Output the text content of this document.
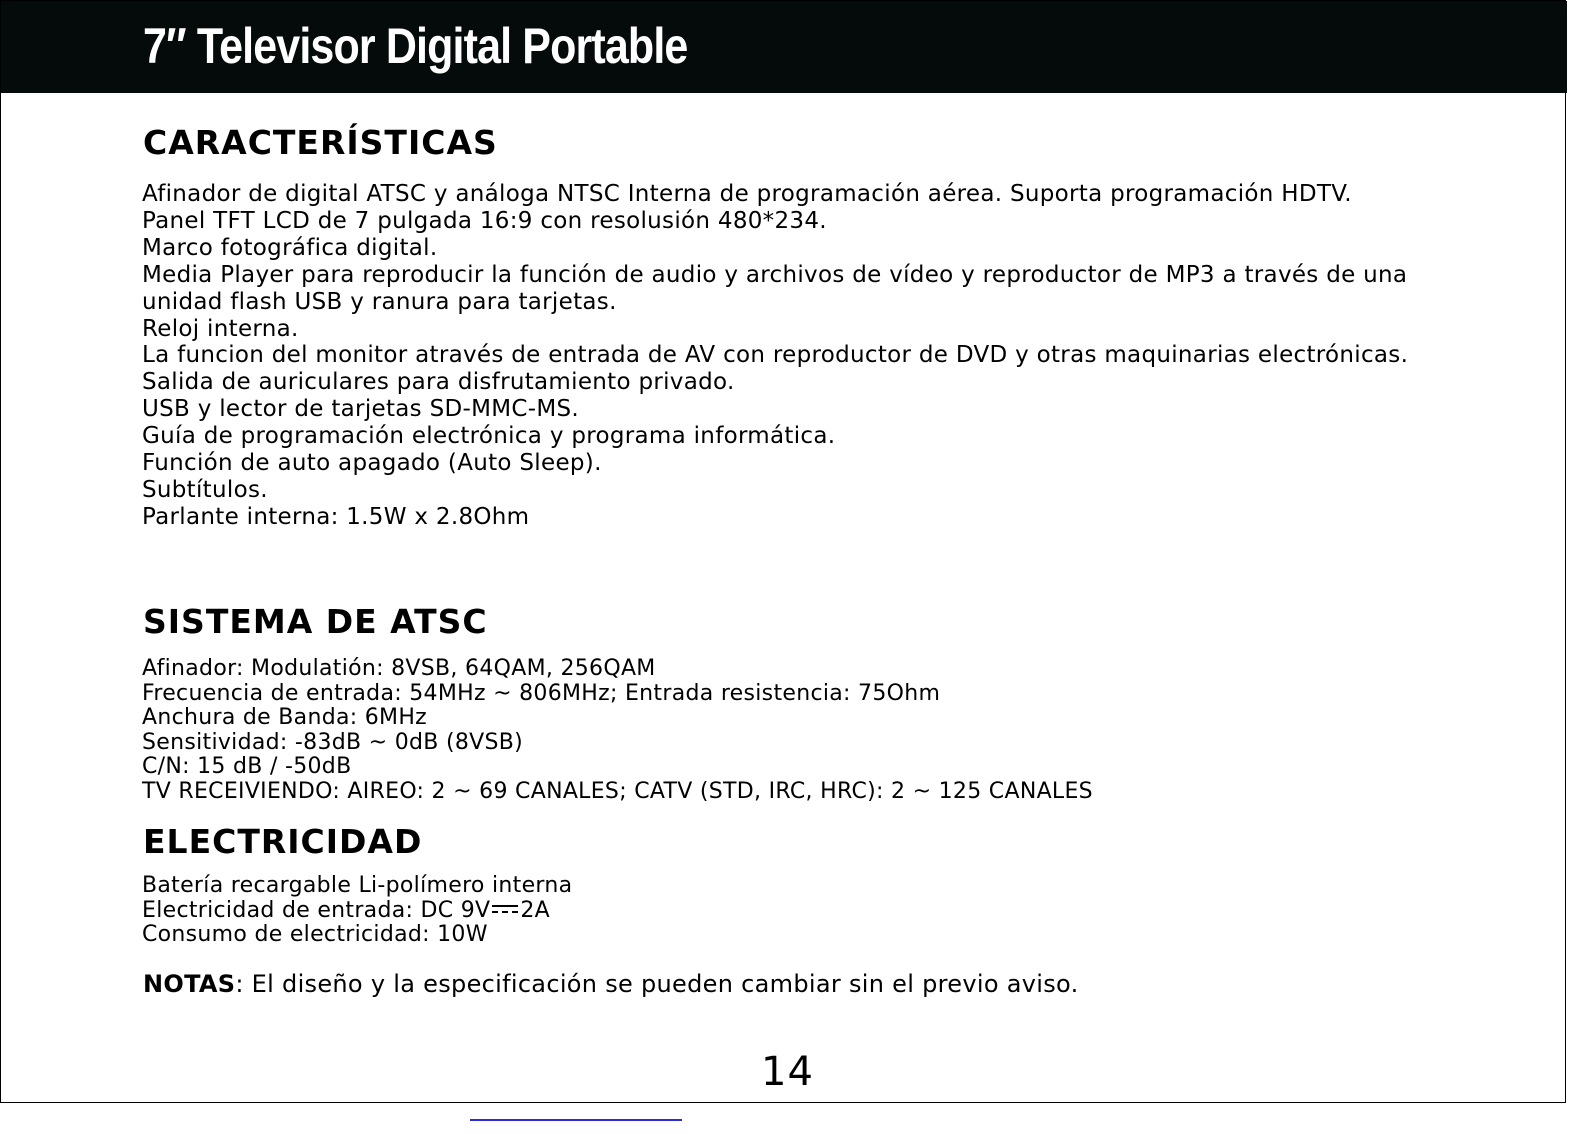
7″ Televisor Digital Portable
CARACTERÍSTICAS
Afinador de digital ATSC y análoga NTSC Interna de programación aérea. Suporta programación HDTV.
Panel TFT LCD de 7 pulgada 16:9 con resolusión 480*234.
Marco fotográfica digital.
Media Player para reproducir la función de audio y archivos de vídeo y reproductor de MP3 a través de una unidad flash USB y ranura para tarjetas.
Reloj interna.
La funcion del monitor através de entrada de AV con reproductor de DVD y otras maquinarias electrónicas.
Salida de auriculares para disfrutamiento privado.
USB y lector de tarjetas SD-MMC-MS.
Guía de programación electrónica y programa informática.
Función de auto apagado (Auto Sleep).
Subtítulos.
Parlante interna: 1.5W x 2.8Ohm
SISTEMA DE ATSC
Afinador: Modulatión: 8VSB, 64QAM, 256QAM
Frecuencia de entrada: 54MHz ~ 806MHz; Entrada resistencia: 75Ohm
Anchura de Banda: 6MHz
Sensitividad: -83dB ~ 0dB (8VSB)
C/N: 15 dB / -50dB
TV RECEIVIENDO: AIREO: 2 ~ 69 CANALES; CATV (STD, IRC, HRC): 2 ~ 125 CANALES
ELECTRICIDAD
Batería recargable Li-polímero interna
Electricidad de entrada: DC 9V 2A
Consumo de electricidad: 10W

NOTAS: El diseño y la especificación se pueden cambiar sin el previo aviso.

14
